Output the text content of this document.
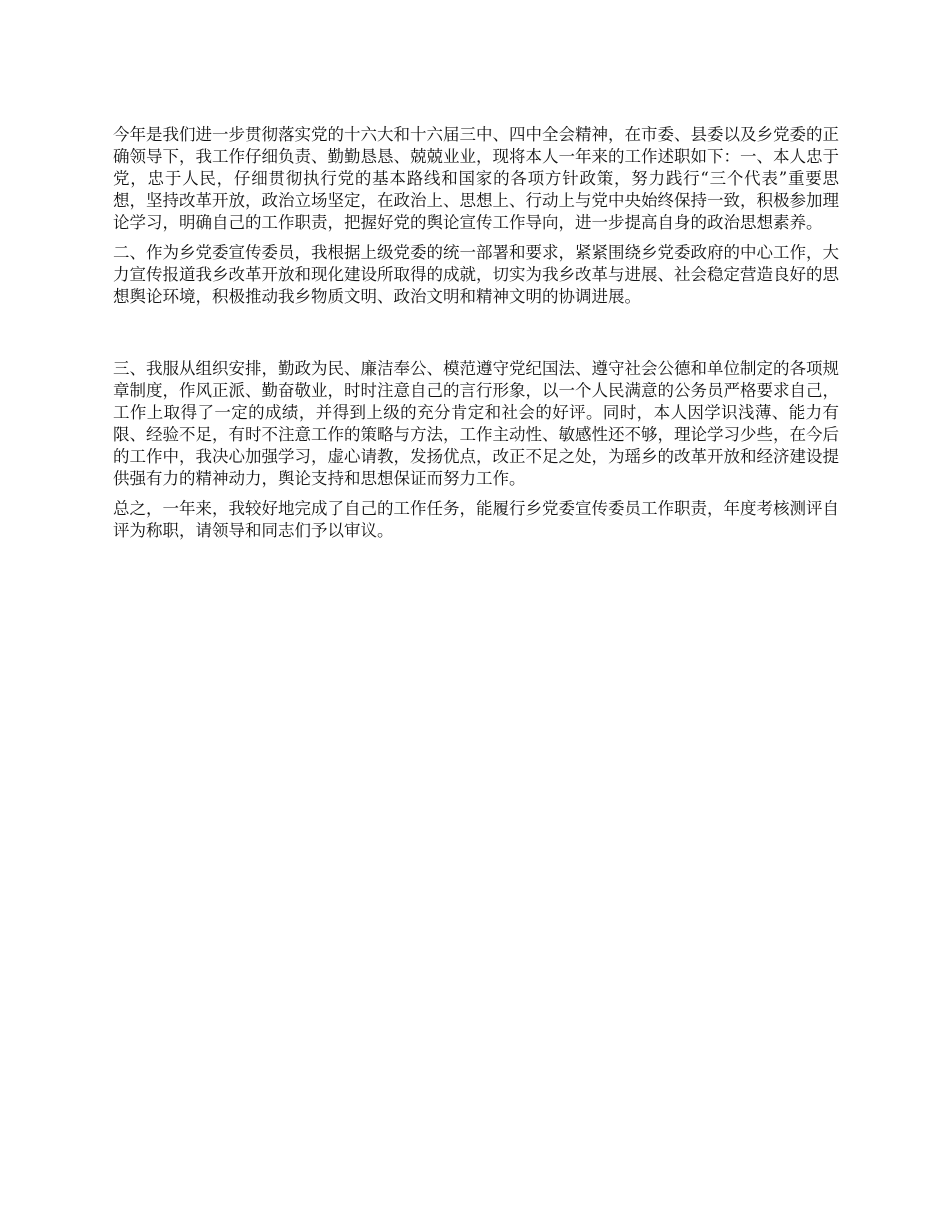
今年是我们进一步贯彻落实党的十六大和十六届三中、四中全会精神，在市委、县委以及乡党委的正确领导下，我工作仔细负责、勤勤恳恳、兢兢业业，现将本人一年来的工作述职如下：一、本人忠于党，忠于人民，仔细贯彻执行党的基本路线和国家的各项方针政策，努力践行“三个代表”重要思想，坚持改革开放，政治立场坚定，在政治上、思想上、行动上与党中央始终保持一致，积极参加理论学习，明确自己的工作职责，把握好党的舆论宣传工作导向，进一步提高自身的政治思想素养。

二、作为乡党委宣传委员，我根据上级党委的统一部署和要求，紧紧围绕乡党委政府的中心工作，大力宣传报道我乡改革开放和现化建设所取得的成就，切实为我乡改革与进展、社会稳定营造良好的思想舆论环境，积极推动我乡物质文明、政治文明和精神文明的协调进展。

三、我服从组织安排，勤政为民、廉洁奉公、模范遵守党纪国法、遵守社会公德和单位制定的各项规章制度，作风正派、勤奋敬业，时时注意自己的言行形象，以一个人民满意的公务员严格要求自己，工作上取得了一定的成绩，并得到上级的充分肯定和社会的好评。同时，本人因学识浅薄、能力有限、经验不足，有时不注意工作的策略与方法，工作主动性、敏感性还不够，理论学习少些，在今后的工作中，我决心加强学习，虚心请教，发扬优点，改正不足之处，为瑶乡的改革开放和经济建设提供强有力的精神动力，舆论支持和思想保证而努力工作。

总之，一年来，我较好地完成了自己的工作任务，能履行乡党委宣传委员工作职责，年度考核测评自评为称职，请领导和同志们予以审议。
